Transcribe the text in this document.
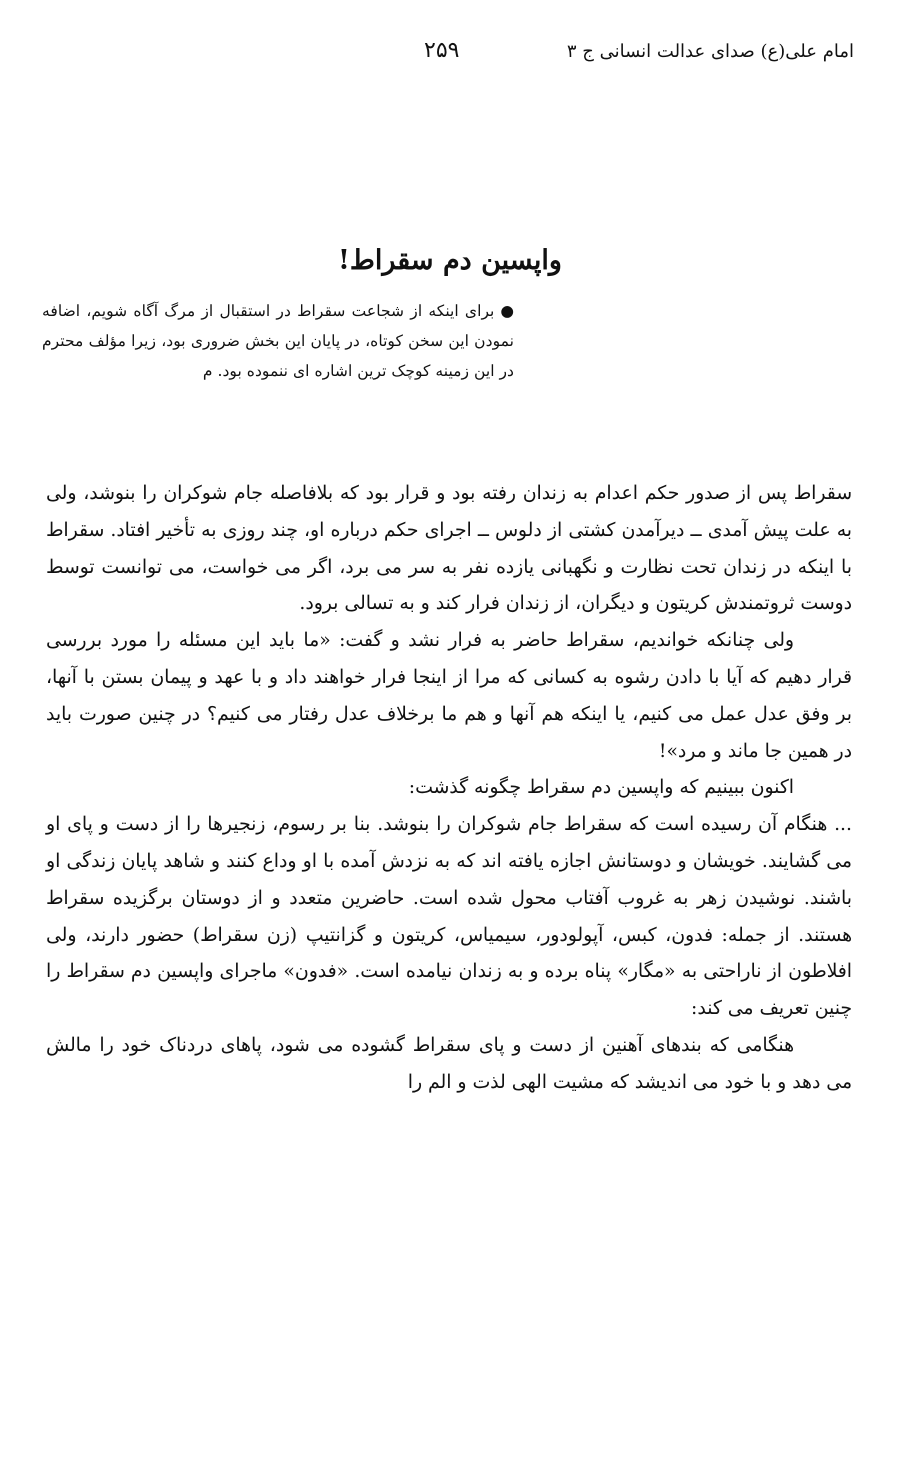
امام علی(ع) صدای عدالت انسانی ج ۳
۲۵۹
واپسین دم سقراط!
●برای اینکه از شجاعت سقراط در استقبال از مرگ آگاه شویم، اضافه نمودن این سخن کوتاه، در پایان این بخش ضروری بود، زیرا مؤلف محترم در این زمینه کوچک ترین اشاره ای ننموده بود. م

سقراط پس از صدور حکم اعدام به زندان رفته بود و قرار بود که بلافاصله جام شوکران را بنوشد، ولی به علت پیش آمدی ــ دیرآمدن کشتی از دلوس ــ اجرای حکم درباره او، چند روزی به تأخیر افتاد. سقراط با اینکه در زندان تحت نظارت و نگهبانی یازده نفر به سر می برد، اگر می خواست، می توانست توسط دوست ثروتمندش کریتون و دیگران، از زندان فرار کند و به تسالی برود.

ولی چنانکه خواندیم، سقراط حاضر به فرار نشد و گفت: «ما باید این مسئله را مورد بررسی قرار دهیم که آیا با دادن رشوه به کسانی که مرا از اینجا فرار خواهند داد و با عهد و پیمان بستن با آنها، بر وفق عدل عمل می کنیم، یا اینکه هم آنها و هم ما برخلاف عدل رفتار می کنیم؟ در چنین صورت باید در همین جا ماند و مرد»!

اکنون ببینیم که واپسین دم سقراط چگونه گذشت:

... هنگام آن رسیده است که سقراط جام شوکران را بنوشد. بنا بر رسوم، زنجیرها را از دست و پای او می گشایند. خویشان و دوستانش اجازه یافته اند که به نزدش آمده با او وداع کنند و شاهد پایان زندگی او باشند. نوشیدن زهر به غروب آفتاب محول شده است. حاضرین متعدد و از دوستان برگزیده سقراط هستند. از جمله: فدون، کبس، آپولودور، سیمیاس، کریتون و گزانتیپ (زن سقراط) حضور دارند، ولی افلاطون از ناراحتی به «مگار» پناه برده و به زندان نیامده است. «فدون» ماجرای واپسین دم سقراط را چنین تعریف می کند:

هنگامی که بندهای آهنین از دست و پای سقراط گشوده می شود، پاهای دردناک خود را مالش می دهد و با خود می اندیشد که مشیت الهی لذت و الم را
